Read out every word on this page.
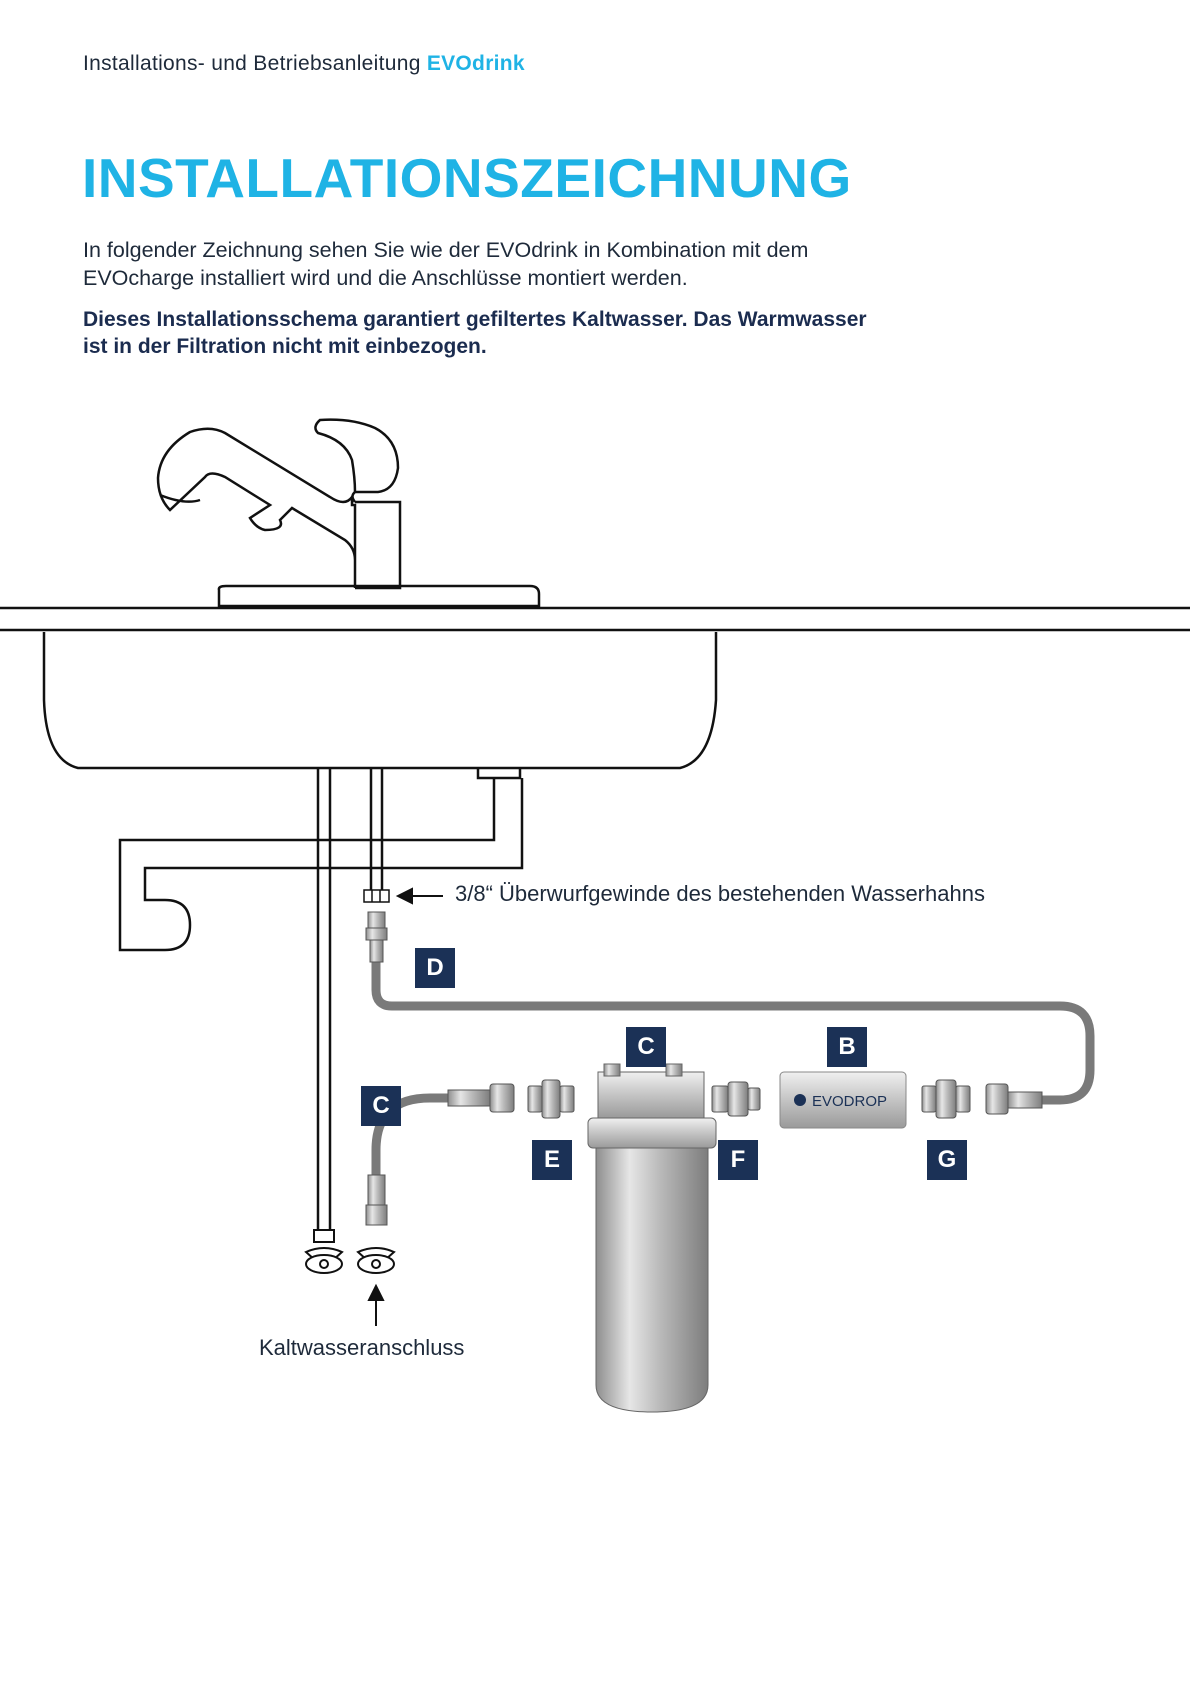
Installations- und Betriebsanleitung EVOdrink
INSTALLATIONSZEICHNUNG

In folgender Zeichnung sehen Sie wie der EVOdrink in Kombination mit dem EVOcharge installiert wird und die Anschlüsse montiert werden.

Dieses Installationsschema garantiert gefiltertes Kaltwasser. Das Warmwasser ist in der Filtration nicht mit einbezogen.

EVODROP
3/8“ Überwurfgewinde des bestehenden Wasserhahns
Kaltwasseranschluss
D
C	B
C
E	F	G
